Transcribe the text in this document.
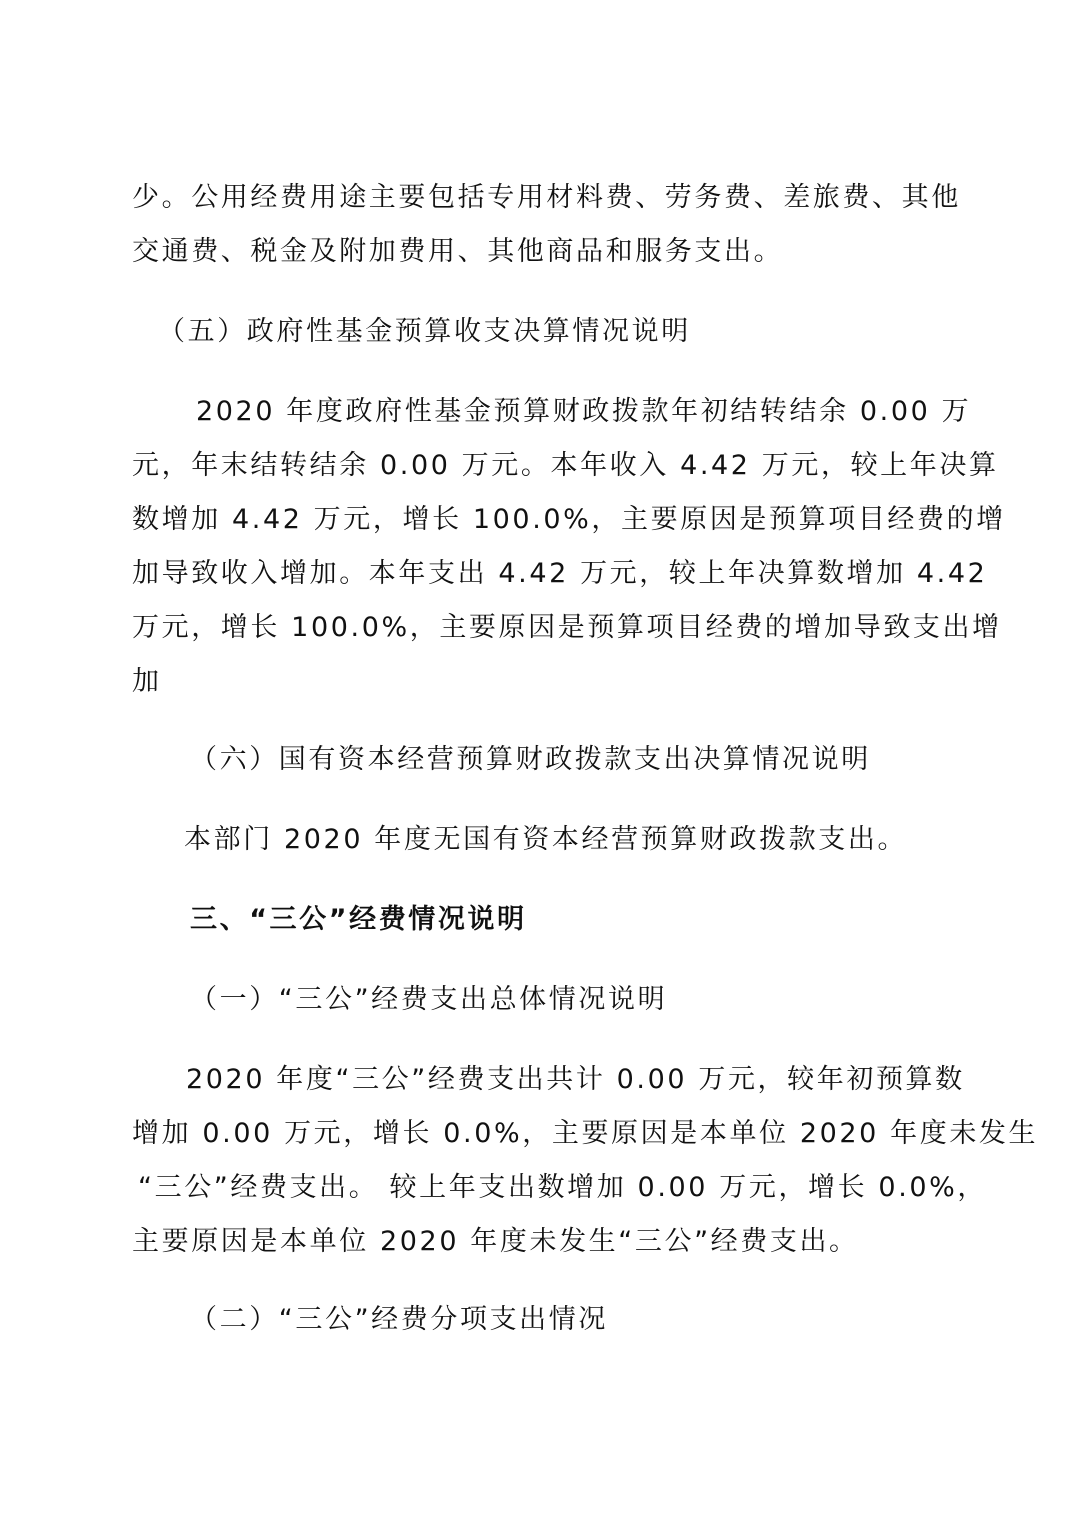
少。公用经费用途主要包括专用材料费、劳务费、差旅费、其他
交通费、税金及附加费用、其他商品和服务支出。
（五）政府性基金预算收支决算情况说明
2020 年度政府性基金预算财政拨款年初结转结余 0.00 万
元，年末结转结余 0.00 万元。本年收入 4.42 万元，较上年决算
数增加 4.42 万元，增长 100.0%，主要原因是预算项目经费的增
加导致收入增加。本年支出 4.42 万元，较上年决算数增加 4.42
万元，增长 100.0%，主要原因是预算项目经费的增加导致支出增
加
（六）国有资本经营预算财政拨款支出决算情况说明
本部门 2020 年度无国有资本经营预算财政拨款支出。
三、“三公”经费情况说明
（一）“三公”经费支出总体情况说明
2020 年度“三公”经费支出共计 0.00 万元，较年初预算数
增加 0.00 万元，增长 0.0%，主要原因是本单位 2020 年度未发生
“三公”经费支出。 较上年支出数增加 0.00 万元，增长 0.0%，
主要原因是本单位 2020 年度未发生“三公”经费支出。
（二）“三公”经费分项支出情况
